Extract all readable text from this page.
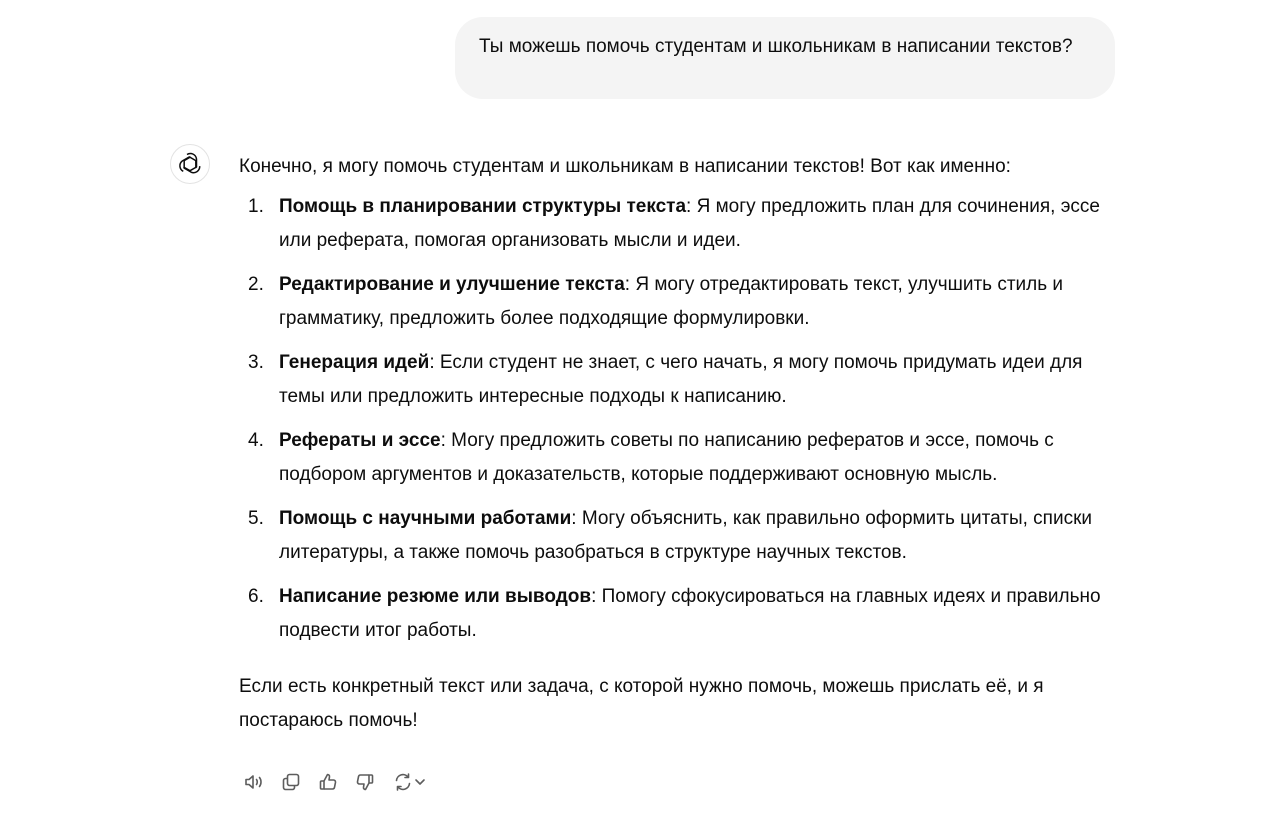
Ты можешь помочь студентам и школьникам в написании текстов?

Конечно, я могу помочь студентам и школьникам в написании текстов! Вот как именно:

1. Помощь в планировании структуры текста: Я могу предложить план для сочинения, эссе или реферата, помогая организовать мысли и идеи.
2. Редактирование и улучшение текста: Я могу отредактировать текст, улучшить стиль и грамматику, предложить более подходящие формулировки.
3. Генерация идей: Если студент не знает, с чего начать, я могу помочь придумать идеи для темы или предложить интересные подходы к написанию.
4. Рефераты и эссе: Могу предложить советы по написанию рефератов и эссе, помочь с подбором аргументов и доказательств, которые поддерживают основную мысль.
5. Помощь с научными работами: Могу объяснить, как правильно оформить цитаты, списки литературы, а также помочь разобраться в структуре научных текстов.
6. Написание резюме или выводов: Помогу сфокусироваться на главных идеях и правильно подвести итог работы.

Если есть конкретный текст или задача, с которой нужно помочь, можешь прислать её, и я постараюсь помочь!
